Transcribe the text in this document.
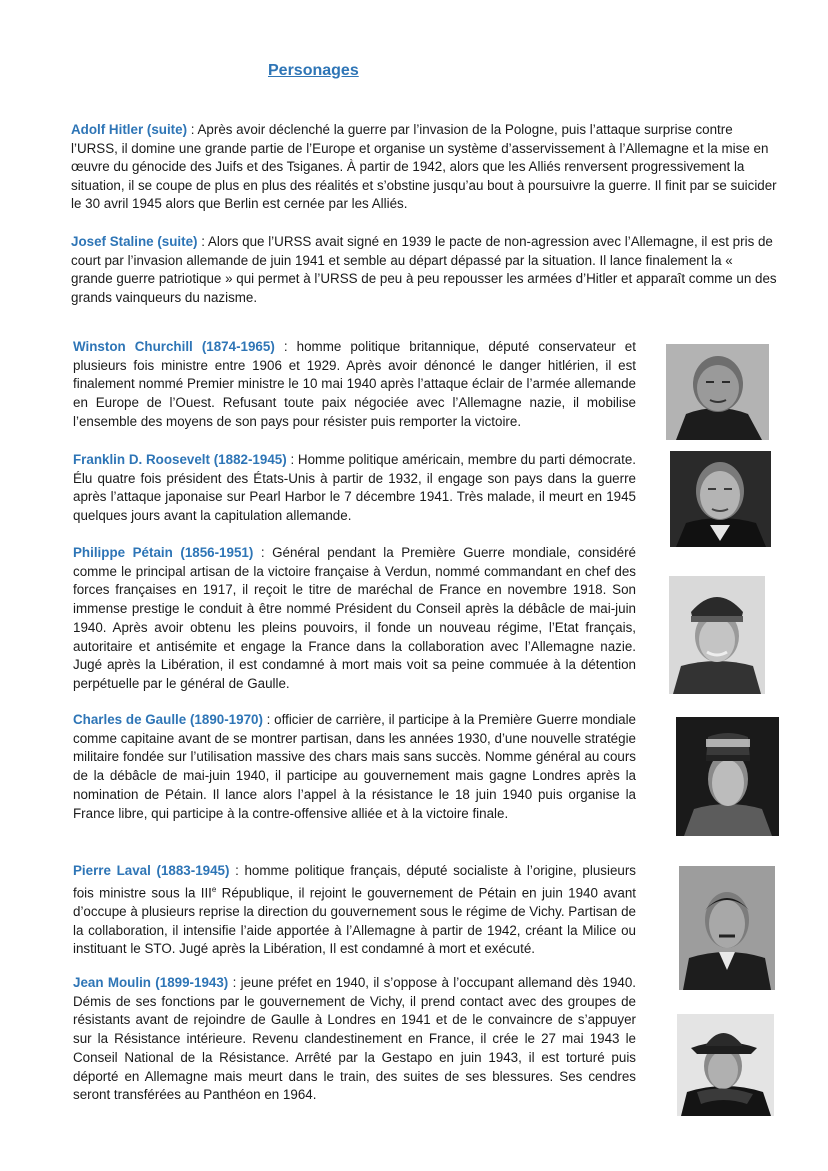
Personages

Adolf Hitler (suite) : Après avoir déclenché la guerre par l’invasion de la Pologne, puis l’attaque surprise contre l’URSS, il domine une grande partie de l’Europe et organise un système d’asservissement à l’Allemagne et la mise en œuvre du génocide des Juifs et des Tsiganes. À partir de 1942, alors que les Alliés renversent progressivement la situation, il se coupe de plus en plus des réalités et s’obstine jusqu’au bout à poursuivre la guerre. Il finit par se suicider le 30 avril 1945 alors que Berlin est cernée par les Alliés.

Josef Staline (suite) : Alors que l’URSS avait signé en 1939 le pacte de non-agression avec l’Allemagne, il est pris de court par l’invasion allemande de juin 1941 et semble au départ dépassé par la situation. Il lance finalement la « grande guerre patriotique » qui permet à l’URSS de peu à peu repousser les armées d’Hitler et apparaît comme un des grands vainqueurs du nazisme.

Winston Churchill (1874-1965) : homme politique britannique, député conservateur et plusieurs fois ministre entre 1906 et 1929. Après avoir dénoncé le danger hitlérien, il est finalement nommé Premier ministre le 10 mai 1940 après l’attaque éclair de l’armée allemande en Europe de l’Ouest. Refusant toute paix négociée avec l’Allemagne nazie, il mobilise l’ensemble des moyens de son pays pour résister puis remporter la victoire.

Franklin D. Roosevelt (1882-1945) : Homme politique américain, membre du parti démocrate. Élu quatre fois président des États-Unis à partir de 1932, il engage son pays dans la guerre après l’attaque japonaise sur Pearl Harbor le 7 décembre 1941. Très malade, il meurt en 1945 quelques jours avant la capitulation allemande.

Philippe Pétain (1856-1951) : Général pendant la Première Guerre mondiale, considéré comme le principal artisan de la victoire française à Verdun, nommé commandant en chef des forces françaises en 1917, il reçoit le titre de maréchal de France en novembre 1918. Son immense prestige le conduit à être nommé Président du Conseil après la débâcle de mai-juin 1940. Après avoir obtenu les pleins pouvoirs, il fonde un nouveau régime, l’Etat français, autoritaire et antisémite et engage la France dans la collaboration avec l’Allemagne nazie. Jugé après la Libération, il est condamné à mort mais voit sa peine commuée à la détention perpétuelle par le général de Gaulle.

Charles de Gaulle (1890-1970) : officier de carrière, il participe à la Première Guerre mondiale comme capitaine avant de se montrer partisan, dans les années 1930, d’une nouvelle stratégie militaire fondée sur l’utilisation massive des chars mais sans succès. Nomme général au cours de la débâcle de mai-juin 1940, il participe au gouvernement mais gagne Londres après la nomination de Pétain. Il lance alors l’appel à la résistance le 18 juin 1940 puis organise la France libre, qui participe à la contre-offensive alliée et à la victoire finale.

Pierre Laval (1883-1945) : homme politique français, député socialiste à l’origine, plusieurs fois ministre sous la IIIe République, il rejoint le gouvernement de Pétain en juin 1940 avant d’occupe à plusieurs reprise la direction du gouvernement sous le régime de Vichy. Partisan de la collaboration, il intensifie l’aide apportée à l’Allemagne à partir de 1942, créant la Milice ou instituant le STO. Jugé après la Libération, Il est condamné à mort et exécuté.

Jean Moulin (1899-1943) : jeune préfet en 1940, il s’oppose à l’occupant allemand dès 1940. Démis de ses fonctions par le gouvernement de Vichy, il prend contact avec des groupes de résistants avant de rejoindre de Gaulle à Londres en 1941 et de le convaincre de s’appuyer sur la Résistance intérieure. Revenu clandestinement en France, il crée le 27 mai 1943 le Conseil National de la Résistance. Arrêté par la Gestapo en juin 1943, il est torturé puis déporté en Allemagne mais meurt dans le train, des suites de ses blessures. Ses cendres seront transférées au Panthéon en 1964.
